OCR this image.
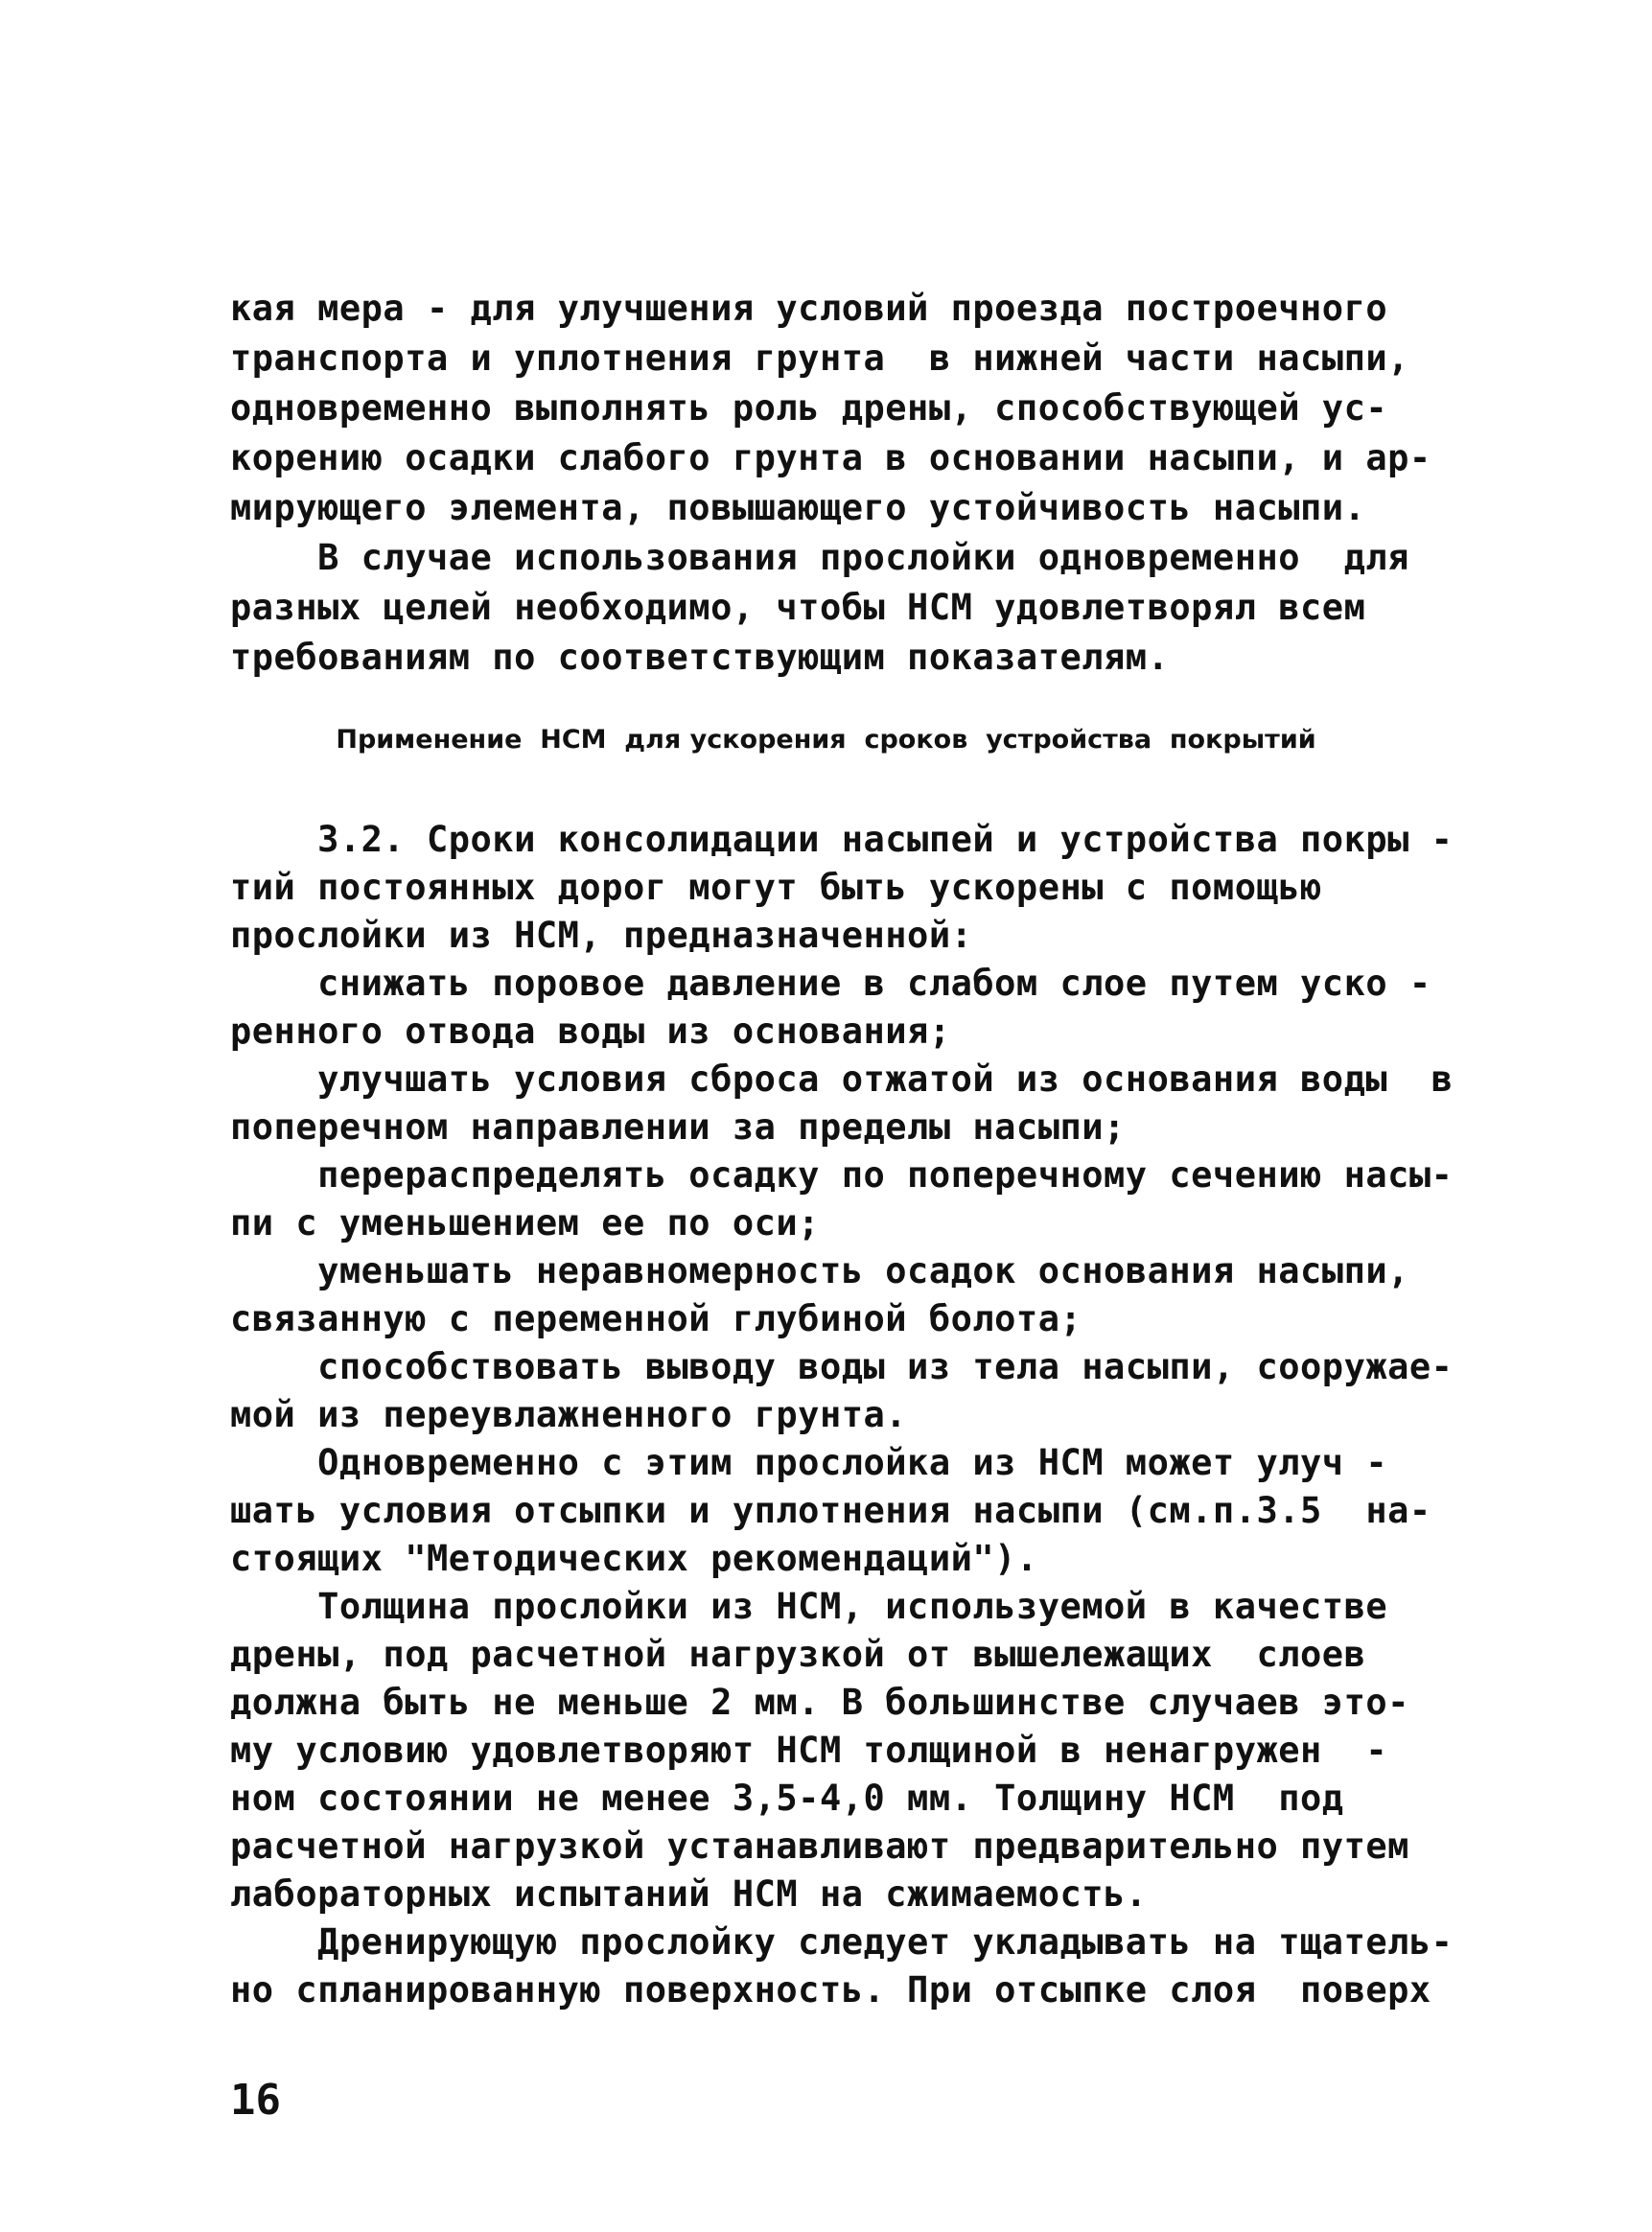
кая мера - для улучшения условий проезда построечного
транспорта и уплотнения грунта  в нижней части насыпи,
одновременно выполнять роль дрены, способствующей ус-
корению осадки слабого грунта в основании насыпи, и ар-
мирующего элемента, повышающего устойчивость насыпи.
В случае использования прослойки одновременно  для
разных целей необходимо, чтобы НСМ удовлетворял всем
требованиям по соответствующим показателям.
Применение  НСМ  для ускорения  сроков  устройства  покрытий
3.2. Сроки консолидации насыпей и устройства покры -
тий постоянных дорог могут быть ускорены с помощью
прослойки из НСМ, предназначенной:
снижать поровое давление в слабом слое путем уско -
ренного отвода воды из основания;
улучшать условия сброса отжатой из основания воды  в
поперечном направлении за пределы насыпи;
перераспределять осадку по поперечному сечению насы-
пи с уменьшением ее по оси;
уменьшать неравномерность осадок основания насыпи,
связанную с переменной глубиной болота;
способствовать выводу воды из тела насыпи, сооружае-
мой из переувлажненного грунта.
Одновременно с этим прослойка из НСМ может улуч -
шать условия отсыпки и уплотнения насыпи (см.п.3.5  на-
стоящих "Методических рекомендаций").
Толщина прослойки из НСМ, используемой в качестве
дрены, под расчетной нагрузкой от вышележащих  слоев
должна быть не меньше 2 мм. В большинстве случаев это-
му условию удовлетворяют НСМ толщиной в ненагружен  -
ном состоянии не менее 3,5-4,0 мм. Толщину НСМ  под
расчетной нагрузкой устанавливают предварительно путем
лабораторных испытаний НСМ на сжимаемость.
Дренирующую прослойку следует укладывать на тщатель-
но спланированную поверхность. При отсыпке слоя  поверх
16
